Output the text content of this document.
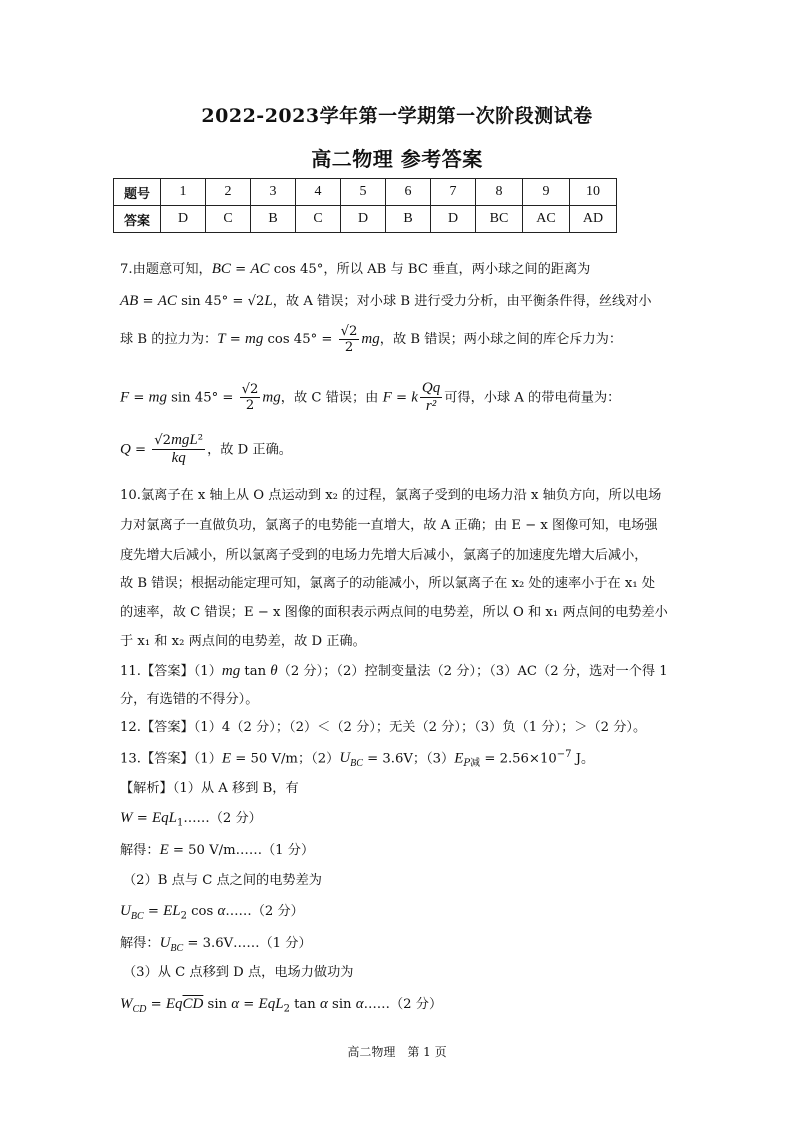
2022-2023学年第一学期第一次阶段测试卷
高二物理 参考答案
题号	1	2	3	4	5	6	7	8	9	10
答案	D	C	B	C	D	B	D	BC	AC	AD
7.由题意可知，BC = AC cos 45°，所以 AB 与 BC 垂直，两小球之间的距离为
AB = AC sin 45° = √2L，故 A 错误；对小球 B 进行受力分析，由平衡条件得，丝线对小
球 B 的拉力为：T = mg $\cos 45^\circ = \frac{√2}{2}$ mg，故 B 错误；两小球之间的库仑斥力为：
F = mg $\sin 45^\circ = \frac{√2}{2}$ mg，故 C 错误；由 F = k $\frac{Qq}{\text{r²}}$ 可得，小球 A 的带电荷量为：
$Q = \frac{\text{√2mgL²}}{kq}$ ，故 D 正确。
10.氯离子在 x 轴上从 O 点运动到 x₂ 的过程，氯离子受到的电场力沿 x 轴负方向，所以电场
力对氯离子一直做负功，氯离子的电势能一直增大，故 A 正确；由 E − x 图像可知，电场强
度先增大后减小，所以氯离子受到的电场力先增大后减小，氯离子的加速度先增大后减小，
故 B 错误；根据动能定理可知，氯离子的动能减小，所以氯离子在 x₂ 处的速率小于在 x₁ 处
的速率，故 C 错误；E − x 图像的面积表示两点间的电势差，所以 O 和 x₁ 两点间的电势差小
于 x₁ 和 x₂ 两点间的电势差，故 D 正确。
11.【答案】（1）mg tan θ（2 分）；（2）控制变量法（2 分）；（3）AC（2 分，选对一个得 1
分，有选错的不得分）。
12.【答案】（1）4（2 分）；（2）＜（2 分）；无关（2 分）；（3）负（1 分）；＞（2 分）。
13.【答案】（1）E = 50 V/m；$(2)U_{BC} = 3.6V$；$(3)E_{P减} = 2.56\times 10^{-7}$ J。
【解析】（1）从 A 移到 B，有
W = EqL$_1$……（2 分）
解得：E = 50 V/m……（1 分）
（2）B 点与 C 点之间的电势差为
$U_{BC} = EL_2$ cos α……（2 分）
解得：$U_{BC}$ = 3.6V……（1 分）
（3）从 C 点移到 D 点，电场力做功为
$W_{CD} = Eq\overline{CD}$ sin α = EqL$_2$ tan α sin α……（2 分）
高二物理　第 1 页
